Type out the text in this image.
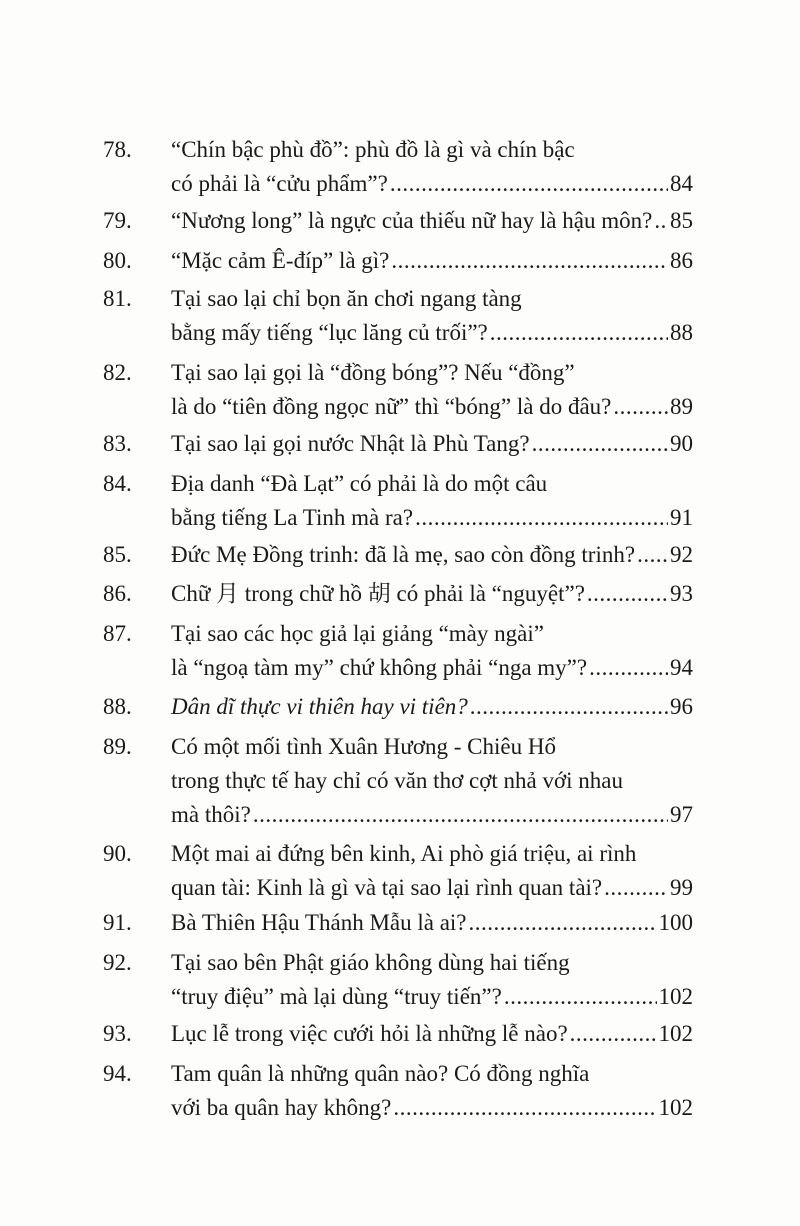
78. “Chín bậc phù đồ”: phù đồ là gì và chín bậc
có phải là “cửu phẩm”? .....	84
79. “Nương long” là ngực của thiếu nữ hay là hậu môn? ..... 85
80. “Mặc cảm Ê-đíp” là gì? .....	86
81. Tại sao lại chỉ bọn ăn chơi ngang tàng
bằng mấy tiếng “lục lăng củ trối”? .....	88
82. Tại sao lại gọi là “đồng bóng”? Nếu “đồng”
là do “tiên đồng ngọc nữ” thì “bóng” là do đâu? .....	89
83. Tại sao lại gọi nước Nhật là Phù Tang? .....	90
84. Địa danh “Đà Lạt” có phải là do một câu
bằng tiếng La Tinh mà ra? .....	91
85. Đức Mẹ Đồng trinh: đã là mẹ, sao còn đồng trinh? ..... 92
86. Chữ 月 trong chữ hồ 胡 có phải là “nguyệt”? .....	93
87. Tại sao các học giả lại giảng “mày ngài”
là “ngoạ tàm my” chứ không phải “nga my”? .....	94
88. Dân dĩ thực vi thiên hay vi tiên? .....	96
89. Có một mối tình Xuân Hương - Chiêu Hổ
trong thực tế hay chỉ có văn thơ cợt nhả với nhau
mà thôi? .....	97
90. Một mai ai đứng bên kinh, Ai phò giá triệu, ai rình
quan tài: Kinh là gì và tại sao lại rình quan tài? .....	99
91. Bà Thiên Hậu Thánh Mẫu là ai? .....	100
92. Tại sao bên Phật giáo không dùng hai tiếng
“truy điệu” mà lại dùng “truy tiến”? .....	102
93. Lục lễ trong việc cưới hỏi là những lễ nào? .....	102
94. Tam quân là những quân nào? Có đồng nghĩa
với ba quân hay không? .....	102
